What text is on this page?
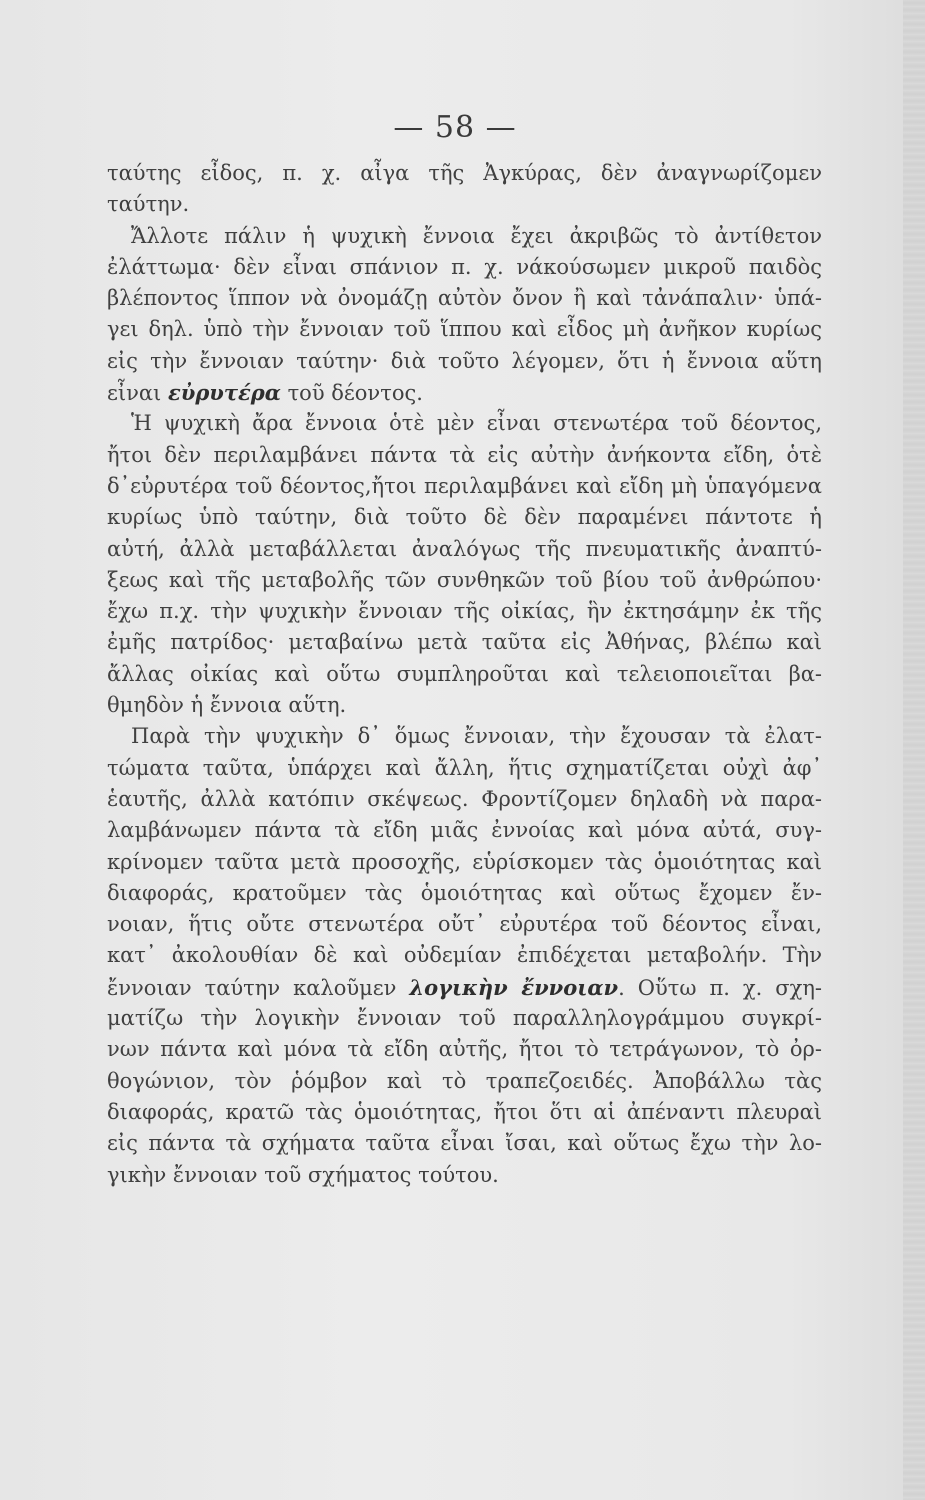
— 58 —
ταύτης εἶδος, π. χ. αἶγα τῆς Ἀγκύρας, δὲν ἀναγνωρίζομεν
ταύτην.
Ἄλλοτε πάλιν ἡ ψυχικὴ ἔννοια ἔχει ἀκριβῶς τὸ ἀντίθετον
ἐλάττωμα· δὲν εἶναι σπάνιον π. χ. νάκούσωμεν μικροῦ παιδὸς
βλέποντος ἵππον νὰ ὀνομάζῃ αὐτὸν ὄνον ἢ καὶ τἀνάπαλιν· ὑπά-
γει δηλ. ὑπὸ τὴν ἔννοιαν τοῦ ἵππου καὶ εἶδος μὴ ἀνῆκον κυρίως
εἰς τὴν ἔννοιαν ταύτην· διὰ τοῦτο λέγομεν, ὅτι ἡ ἔννοια αὕτη
εἶναι εὐρυτέρα τοῦ δέοντος.
Ἡ ψυχικὴ ἄρα ἔννοια ὁτὲ μὲν εἶναι στενωτέρα τοῦ δέοντος,
ἤτοι δὲν περιλαμβάνει πάντα τὰ εἰς αὐτὴν ἀνήκοντα εἴδη, ὁτὲ
δ᾽εὐρυτέρα τοῦ δέοντος,ἤτοι περιλαμβάνει καὶ εἴδη μὴ ὑπαγόμενα
κυρίως ὑπὸ ταύτην, διὰ τοῦτο δὲ δὲν παραμένει πάντοτε ἡ
αὐτή, ἀλλὰ μεταβάλλεται ἀναλόγως τῆς πνευματικῆς ἀναπτύ-
ξεως καὶ τῆς μεταβολῆς τῶν συνθηκῶν τοῦ βίου τοῦ ἀνθρώπου·
ἔχω π.χ. τὴν ψυχικὴν ἔννοιαν τῆς οἰκίας, ἣν ἐκτησάμην ἐκ τῆς
ἐμῆς πατρίδος· μεταβαίνω μετὰ ταῦτα εἰς Ἀθήνας, βλέπω καὶ
ἄλλας οἰκίας καὶ οὕτω συμπληροῦται καὶ τελειοποιεῖται βα-
θμηδὸν ἡ ἔννοια αὕτη.
Παρὰ τὴν ψυχικὴν δ᾽ ὅμως ἔννοιαν, τὴν ἔχουσαν τὰ ἐλατ-
τώματα ταῦτα, ὑπάρχει καὶ ἄλλη, ἥτις σχηματίζεται οὐχὶ ἀφ᾽
ἑαυτῆς, ἀλλὰ κατόπιν σκέψεως. Φροντίζομεν δηλαδὴ νὰ παρα-
λαμβάνωμεν πάντα τὰ εἴδη μιᾶς ἐννοίας καὶ μόνα αὐτά, συγ-
κρίνομεν ταῦτα μετὰ προσοχῆς, εὑρίσκομεν τὰς ὁμοιότητας καὶ
διαφοράς, κρατοῦμεν τὰς ὁμοιότητας καὶ οὕτως ἔχομεν ἔν-
νοιαν, ἥτις οὔτε στενωτέρα οὔτ᾽ εὐρυτέρα τοῦ δέοντος εἶναι,
κατ᾽ ἀκολουθίαν δὲ καὶ οὐδεμίαν ἐπιδέχεται μεταβολήν. Τὴν
ἔννοιαν ταύτην καλοῦμεν λογικὴν ἔννοιαν. Οὕτω π. χ. σχη-
ματίζω τὴν λογικὴν ἔννοιαν τοῦ παραλληλογράμμου συγκρί-
νων πάντα καὶ μόνα τὰ εἴδη αὐτῆς, ἤτοι τὸ τετράγωνον, τὸ ὀρ-
θογώνιον, τὸν ῥόμβον καὶ τὸ τραπεζοειδές. Ἀποβάλλω τὰς
διαφοράς, κρατῶ τὰς ὁμοιότητας, ἤτοι ὅτι αἱ ἀπέναντι πλευραὶ
εἰς πάντα τὰ σχήματα ταῦτα εἶναι ἴσαι, καὶ οὕτως ἔχω τὴν λο-
γικὴν ἔννοιαν τοῦ σχήματος τούτου.
